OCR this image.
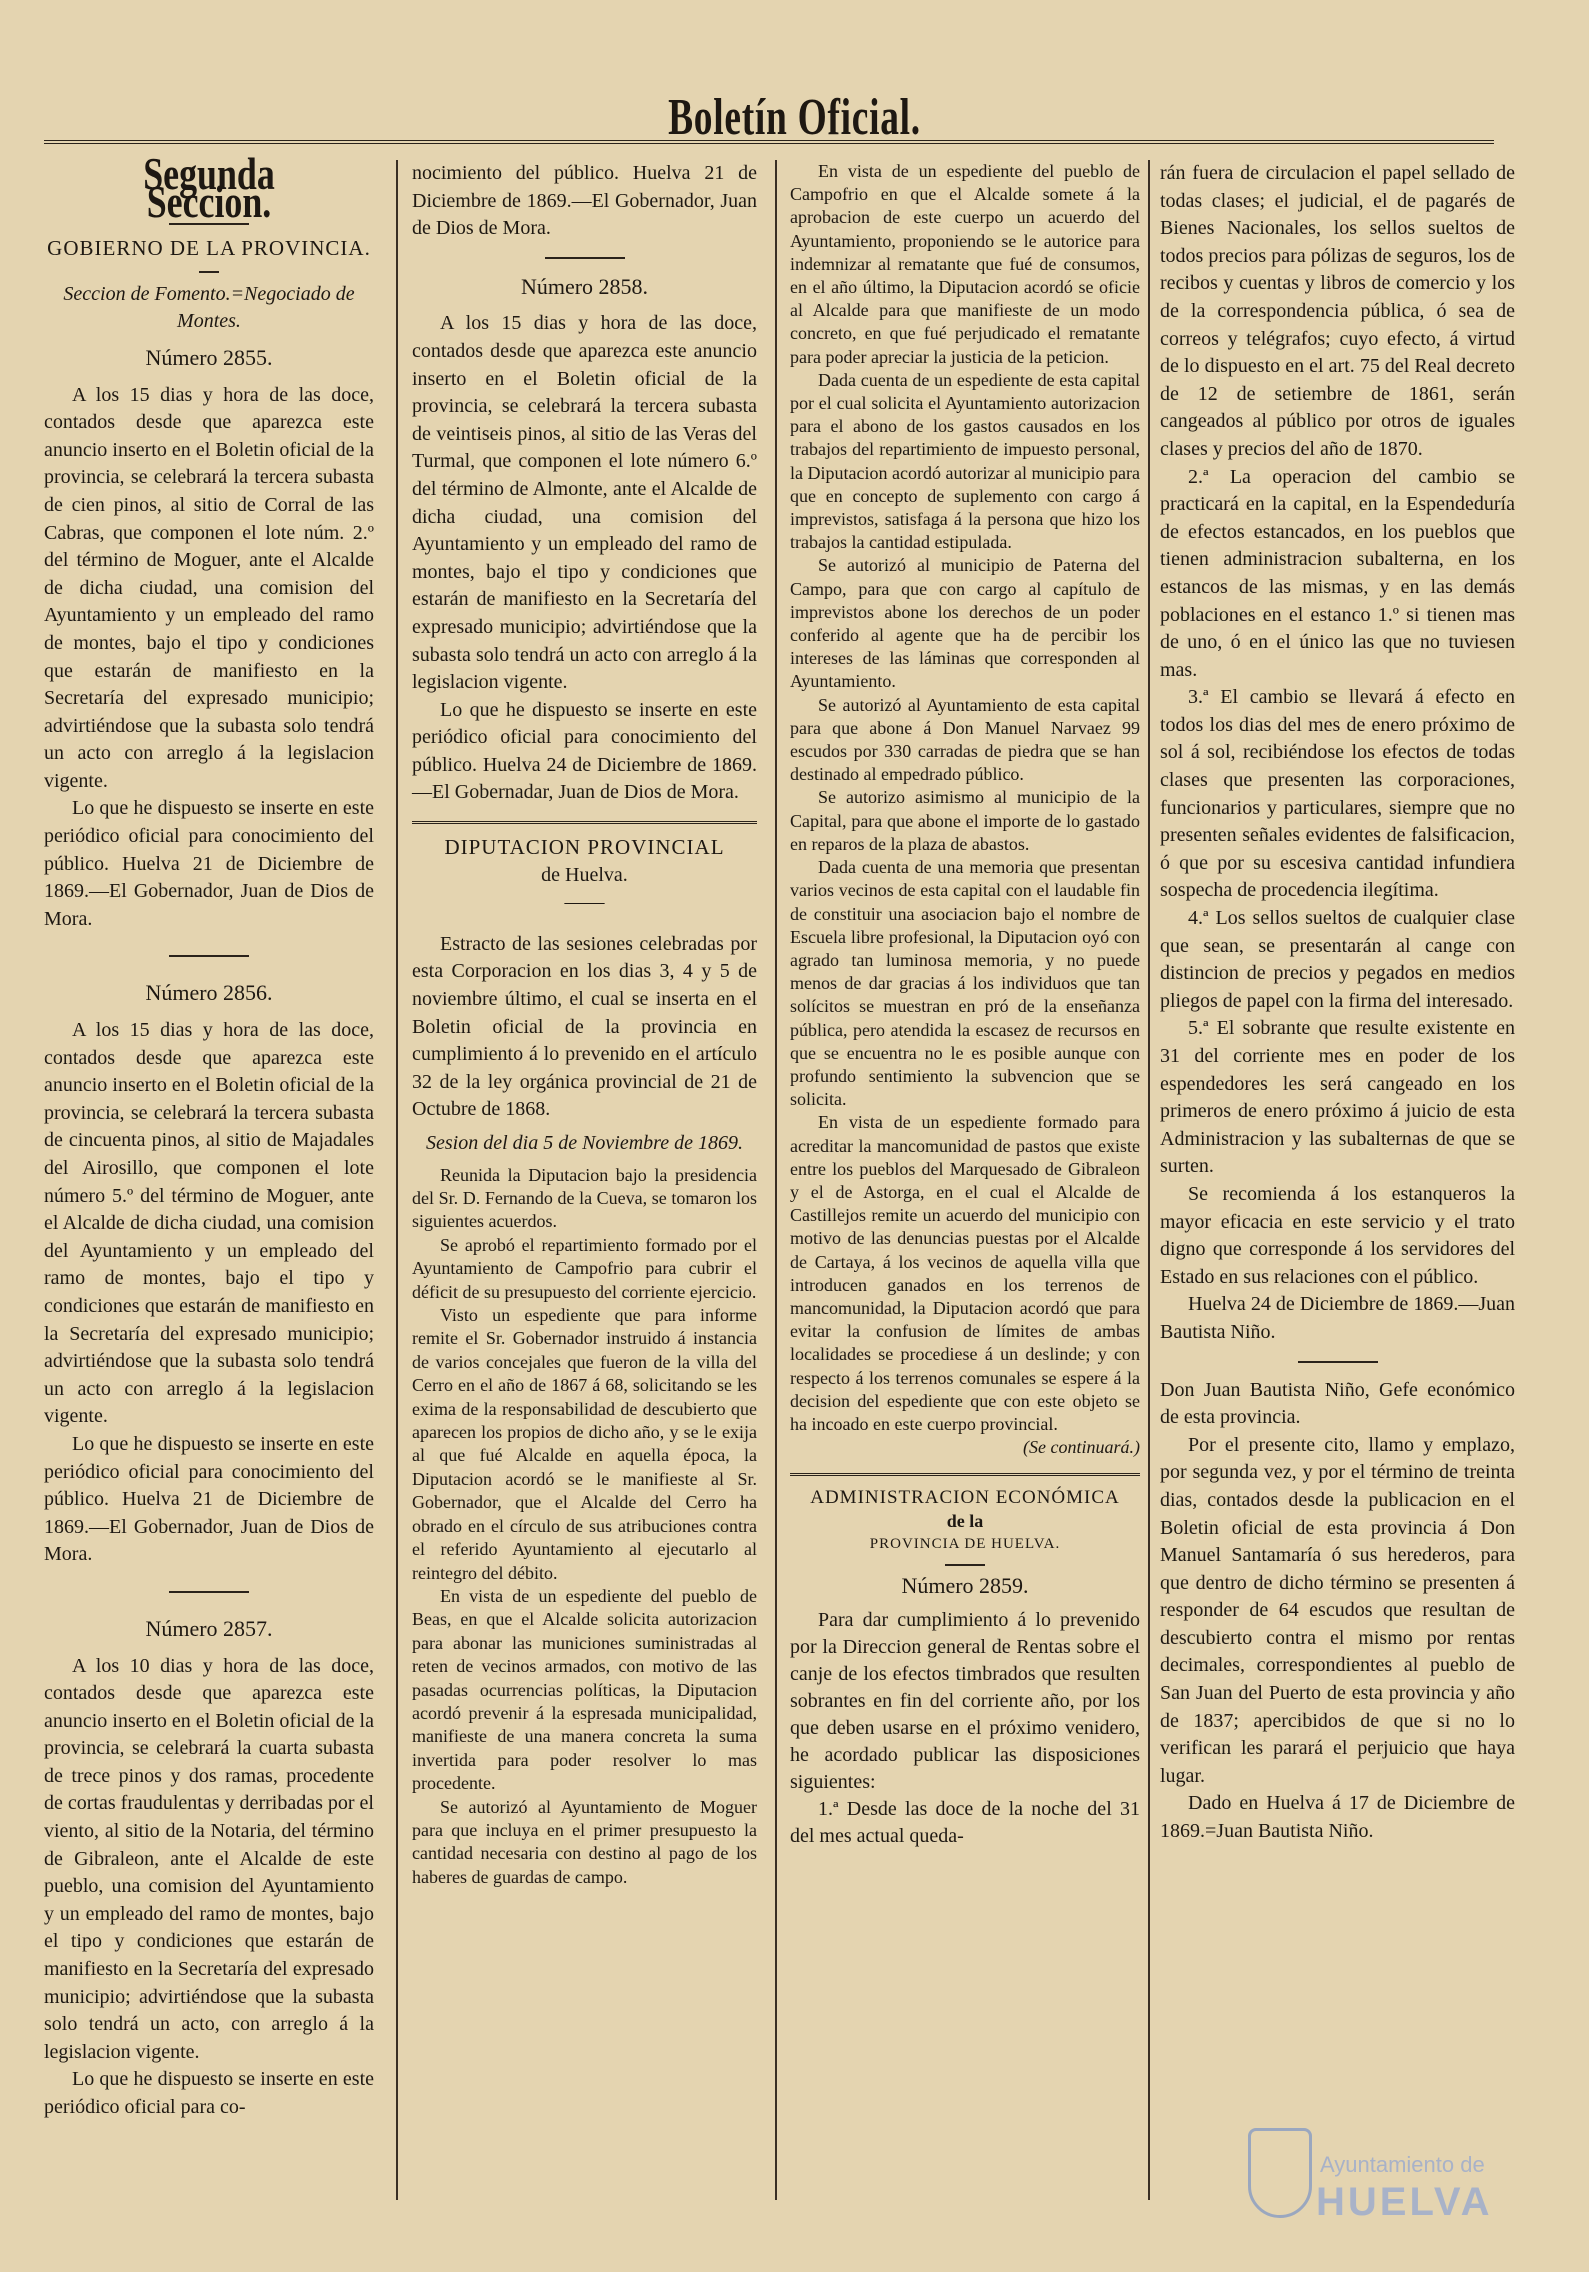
Boletín Oficial.
Segunda Seccion.

GOBIERNO DE LA PROVINCIA.

Seccion de Fomento.=Negociado de Montes.

Número 2855.

A los 15 dias y hora de las doce, contados desde que aparezca este anuncio inserto en el Boletin oficial de la provincia, se celebrará la tercera subasta de cien pinos, al sitio de Corral de las Cabras, que componen el lote núm. 2.º del término de Moguer, ante el Alcalde de dicha ciudad, una comision del Ayuntamiento y un empleado del ramo de montes, bajo el tipo y condiciones que estarán de manifiesto en la Secretaría del expresado municipio; advirtiéndose que la subasta solo tendrá un acto con arreglo á la legislacion vigente.

Lo que he dispuesto se inserte en este periódico oficial para conocimiento del público. Huelva 21 de Diciembre de 1869.—El Gobernador, Juan de Dios de Mora.

Número 2856.

A los 15 dias y hora de las doce, contados desde que aparezca este anuncio inserto en el Boletin oficial de la provincia, se celebrará la tercera subasta de cincuenta pinos, al sitio de Majadales del Airosillo, que componen el lote número 5.º del término de Moguer, ante el Alcalde de dicha ciudad, una comision del Ayuntamiento y un empleado del ramo de montes, bajo el tipo y condiciones que estarán de manifiesto en la Secretaría del expresado municipio; advirtiéndose que la subasta solo tendrá un acto con arreglo á la legislacion vigente.

Lo que he dispuesto se inserte en este periódico oficial para conocimiento del público. Huelva 21 de Diciembre de 1869.—El Gobernador, Juan de Dios de Mora.

Número 2857.

A los 10 dias y hora de las doce, contados desde que aparezca este anuncio inserto en el Boletin oficial de la provincia, se celebrará la cuarta subasta de trece pinos y dos ramas, procedente de cortas fraudulentas y derribadas por el viento, al sitio de la Notaria, del término de Gibraleon, ante el Alcalde de este pueblo, una comision del Ayuntamiento y un empleado del ramo de montes, bajo el tipo y condiciones que estarán de manifiesto en la Secretaría del expresado municipio; advirtiéndose que la subasta solo tendrá un acto, con arreglo á la legislacion vigente.

Lo que he dispuesto se inserte en este periódico oficial para co-

nocimiento del público. Huelva 21 de Diciembre de 1869.—El Gobernador, Juan de Dios de Mora.

Número 2858.

A los 15 dias y hora de las doce, contados desde que aparezca este anuncio inserto en el Boletin oficial de la provincia, se celebrará la tercera subasta de veintiseis pinos, al sitio de las Veras del Turmal, que componen el lote número 6.º del término de Almonte, ante el Alcalde de dicha ciudad, una comision del Ayuntamiento y un empleado del ramo de montes, bajo el tipo y condiciones que estarán de manifiesto en la Secretaría del expresado municipio; advirtiéndose que la subasta solo tendrá un acto con arreglo á la legislacion vigente.

Lo que he dispuesto se inserte en este periódico oficial para conocimiento del público. Huelva 24 de Diciembre de 1869.—El Gobernadar, Juan de Dios de Mora.

DIPUTACION PROVINCIAL

de Huelva.

——

Estracto de las sesiones celebradas por esta Corporacion en los dias 3, 4 y 5 de noviembre último, el cual se inserta en el Boletin oficial de la provincia en cumplimiento á lo prevenido en el artículo 32 de la ley orgánica provincial de 21 de Octubre de 1868.

Sesion del dia 5 de Noviembre de 1869.

Reunida la Diputacion bajo la presidencia del Sr. D. Fernando de la Cueva, se tomaron los siguientes acuerdos.

Se aprobó el repartimiento formado por el Ayuntamiento de Campofrio para cubrir el déficit de su presupuesto del corriente ejercicio.

Visto un espediente que para informe remite el Sr. Gobernador instruido á instancia de varios concejales que fueron de la villa del Cerro en el año de 1867 á 68, solicitando se les exima de la responsabilidad de descubierto que aparecen los propios de dicho año, y se le exija al que fué Alcalde en aquella época, la Diputacion acordó se le manifieste al Sr. Gobernador, que el Alcalde del Cerro ha obrado en el círculo de sus atribuciones contra el referido Ayuntamiento al ejecutarlo al reintegro del débito.

En vista de un espediente del pueblo de Beas, en que el Alcalde solicita autorizacion para abonar las municiones suministradas al reten de vecinos armados, con motivo de las pasadas ocurrencias políticas, la Diputacion acordó prevenir á la espresada municipalidad, manifieste de una manera concreta la suma invertida para poder resolver lo mas procedente.

Se autorizó al Ayuntamiento de Moguer para que incluya en el primer presupuesto la cantidad necesaria con destino al pago de los haberes de guardas de campo.

En vista de un espediente del pueblo de Campofrio en que el Alcalde somete á la aprobacion de este cuerpo un acuerdo del Ayuntamiento, proponiendo se le autorice para indemnizar al rematante que fué de consumos, en el año último, la Diputacion acordó se oficie al Alcalde para que manifieste de un modo concreto, en que fué perjudicado el rematante para poder apreciar la justicia de la peticion.

Dada cuenta de un espediente de esta capital por el cual solicita el Ayuntamiento autorizacion para el abono de los gastos causados en los trabajos del repartimiento de impuesto personal, la Diputacion acordó autorizar al municipio para que en concepto de suplemento con cargo á imprevistos, satisfaga á la persona que hizo los trabajos la cantidad estipulada.

Se autorizó al municipio de Paterna del Campo, para que con cargo al capítulo de imprevistos abone los derechos de un poder conferido al agente que ha de percibir los intereses de las láminas que corresponden al Ayuntamiento.

Se autorizó al Ayuntamiento de esta capital para que abone á Don Manuel Narvaez 99 escudos por 330 carradas de piedra que se han destinado al empedrado público.

Se autorizo asimismo al municipio de la Capital, para que abone el importe de lo gastado en reparos de la plaza de abastos.

Dada cuenta de una memoria que presentan varios vecinos de esta capital con el laudable fin de constituir una asociacion bajo el nombre de Escuela libre profesional, la Diputacion oyó con agrado tan luminosa memoria, y no puede menos de dar gracias á los individuos que tan solícitos se muestran en pró de la enseñanza pública, pero atendida la escasez de recursos en que se encuentra no le es posible aunque con profundo sentimiento la subvencion que se solicita.

En vista de un espediente formado para acreditar la mancomunidad de pastos que existe entre los pueblos del Marquesado de Gibraleon y el de Astorga, en el cual el Alcalde de Castillejos remite un acuerdo del municipio con motivo de las denuncias puestas por el Alcalde de Cartaya, á los vecinos de aquella villa que introducen ganados en los terrenos de mancomunidad, la Diputacion acordó que para evitar la confusion de límites de ambas localidades se procediese á un deslinde; y con respecto á los terrenos comunales se espere á la decision del espediente que con este objeto se ha incoado en este cuerpo provincial.

(Se continuará.)

ADMINISTRACION ECONÓMICA

de la

PROVINCIA DE HUELVA.

Número 2859.

Para dar cumplimiento á lo prevenido por la Direccion general de Rentas sobre el canje de los efectos timbrados que resulten sobrantes en fin del corriente año, por los que deben usarse en el próximo venidero, he acordado publicar las disposiciones siguientes:

1.ª Desde las doce de la noche del 31 del mes actual queda-

rán fuera de circulacion el papel sellado de todas clases; el judicial, el de pagarés de Bienes Nacionales, los sellos sueltos de todos precios para pólizas de seguros, los de recibos y cuentas y libros de comercio y los de la correspondencia pública, ó sea de correos y telégrafos; cuyo efecto, á virtud de lo dispuesto en el art. 75 del Real decreto de 12 de setiembre de 1861, serán cangeados al público por otros de iguales clases y precios del año de 1870.

2.ª La operacion del cambio se practicará en la capital, en la Espendeduría de efectos estancados, en los pueblos que tienen administracion subalterna, en los estancos de las mismas, y en las demás poblaciones en el estanco 1.º si tienen mas de uno, ó en el único las que no tuviesen mas.

3.ª El cambio se llevará á efecto en todos los dias del mes de enero próximo de sol á sol, recibiéndose los efectos de todas clases que presenten las corporaciones, funcionarios y particulares, siempre que no presenten señales evidentes de falsificacion, ó que por su escesiva cantidad infundiera sospecha de procedencia ilegítima.

4.ª Los sellos sueltos de cualquier clase que sean, se presentarán al cange con distincion de precios y pegados en medios pliegos de papel con la firma del interesado.

5.ª El sobrante que resulte existente en 31 del corriente mes en poder de los espendedores les será cangeado en los primeros de enero próximo á juicio de esta Administracion y las subalternas de que se surten.

Se recomienda á los estanqueros la mayor eficacia en este servicio y el trato digno que corresponde á los servidores del Estado en sus relaciones con el público.

Huelva 24 de Diciembre de 1869.—Juan Bautista Niño.

Don Juan Bautista Niño, Gefe económico de esta provincia.

Por el presente cito, llamo y emplazo, por segunda vez, y por el término de treinta dias, contados desde la publicacion en el Boletin oficial de esta provincia á Don Manuel Santamaría ó sus herederos, para que dentro de dicho término se presenten á responder de 64 escudos que resultan de descubierto contra el mismo por rentas decimales, correspondientes al pueblo de San Juan del Puerto de esta provincia y año de 1837; apercibidos de que si no lo verifican les parará el perjuicio que haya lugar.

Dado en Huelva á 17 de Diciembre de 1869.=Juan Bautista Niño.

Ayuntamiento de
HUELVA
